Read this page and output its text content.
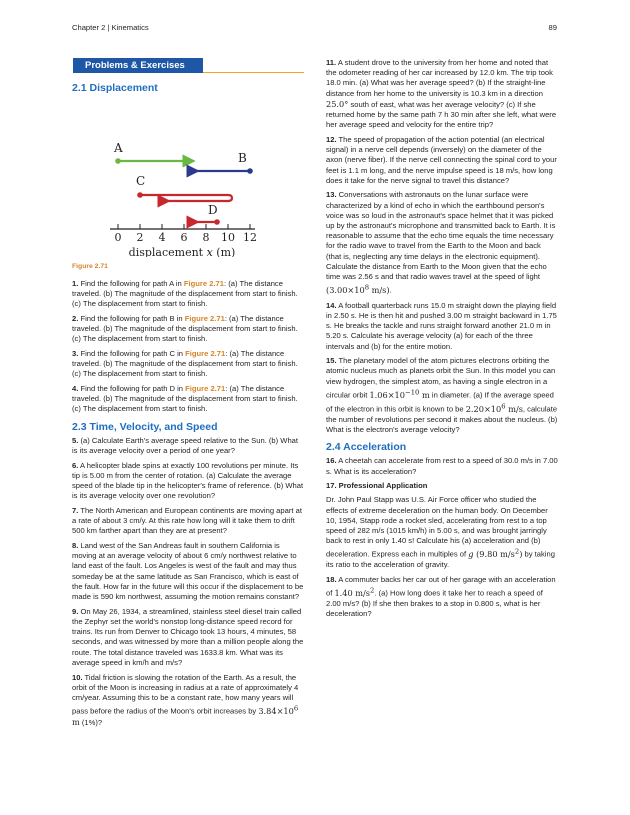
Chapter 2 | Kinematics	89
Problems & Exercises
2.1 Displacement
A
B
C
D
0 2 4 6 8 10 12
displacement x (m)
Figure 2.71

1. Find the following for path A in Figure 2.71: (a) The distance traveled. (b) The magnitude of the displacement from start to finish. (c) The displacement from start to finish.

2. Find the following for path B in Figure 2.71: (a) The distance traveled. (b) The magnitude of the displacement from start to finish. (c) The displacement from start to finish.

3. Find the following for path C in Figure 2.71: (a) The distance traveled. (b) The magnitude of the displacement from start to finish. (c) The displacement from start to finish.

4. Find the following for path D in Figure 2.71: (a) The distance traveled. (b) The magnitude of the displacement from start to finish. (c) The displacement from start to finish.

2.3 Time, Velocity, and Speed

5. (a) Calculate Earth's average speed relative to the Sun. (b) What is its average velocity over a period of one year?

6. A helicopter blade spins at exactly 100 revolutions per minute. Its tip is 5.00 m from the center of rotation. (a) Calculate the average speed of the blade tip in the helicopter's frame of reference. (b) What is its average velocity over one revolution?

7. The North American and European continents are moving apart at a rate of about 3 cm/y. At this rate how long will it take them to drift 500 km farther apart than they are at present?

8. Land west of the San Andreas fault in southern California is moving at an average velocity of about 6 cm/y northwest relative to land east of the fault. Los Angeles is west of the fault and may thus someday be at the same latitude as San Francisco, which is east of the fault. How far in the future will this occur if the displacement to be made is 590 km northwest, assuming the motion remains constant?

9. On May 26, 1934, a streamlined, stainless steel diesel train called the Zephyr set the world's nonstop long-distance speed record for trains. Its run from Denver to Chicago took 13 hours, 4 minutes, 58 seconds, and was witnessed by more than a million people along the route. The total distance traveled was 1633.8 km. What was its average speed in km/h and m/s?

10. Tidal friction is slowing the rotation of the Earth. As a result, the orbit of the Moon is increasing in radius at a rate of approximately 4 cm/year. Assuming this to be a constant rate, how many years will pass before the radius of the Moon's orbit increases by $3.84\times 10^6$ m (1%)?

11. A student drove to the university from her home and noted that the odometer reading of her car increased by 12.0 km. The trip took 18.0 min. (a) What was her average speed? (b) If the straight-line distance from her home to the university is 10.3 km in a direction 25.0° south of east, what was her average velocity? (c) If she returned home by the same path 7 h 30 min after she left, what were her average speed and velocity for the entire trip?

12. The speed of propagation of the action potential (an electrical signal) in a nerve cell depends (inversely) on the diameter of the axon (nerve fiber). If the nerve cell connecting the spinal cord to your feet is 1.1 m long, and the nerve impulse speed is 18 m/s, how long does it take for the nerve signal to travel this distance?

13. Conversations with astronauts on the lunar surface were characterized by a kind of echo in which the earthbound person's voice was so loud in the astronaut's space helmet that it was picked up by the astronaut's microphone and transmitted back to Earth. It is reasonable to assume that the echo time equals the time necessary for the radio wave to travel from the Earth to the Moon and back (that is, neglecting any time delays in the electronic equipment). Calculate the distance from Earth to the Moon given that the echo time was 2.56 s and that radio waves travel at the speed of light ($3.00\times 10^8$ m/s).

14. A football quarterback runs 15.0 m straight down the playing field in 2.50 s. He is then hit and pushed 3.00 m straight backward in 1.75 s. He breaks the tackle and runs straight forward another 21.0 m in 5.20 s. Calculate his average velocity (a) for each of the three intervals and (b) for the entire motion.

15. The planetary model of the atom pictures electrons orbiting the atomic nucleus much as planets orbit the Sun. In this model you can view hydrogen, the simplest atom, as having a single electron in a circular orbit $1.06\times 10^{-10}$ m in diameter. (a) If the average speed of the electron in this orbit is known to be $2.20\times 10^6$ m/s, calculate the number of revolutions per second it makes about the nucleus. (b) What is the electron's average velocity?

2.4 Acceleration

16. A cheetah can accelerate from rest to a speed of 30.0 m/s in 7.00 s. What is its acceleration?

17. Professional Application

Dr. John Paul Stapp was U.S. Air Force officer who studied the effects of extreme deceleration on the human body. On December 10, 1954, Stapp rode a rocket sled, accelerating from rest to a top speed of 282 m/s (1015 km/h) in 5.00 s, and was brought jarringly back to rest in only 1.40 s! Calculate his (a) acceleration and (b) deceleration. Express each in multiples of g (9.80 $m/s^2$) by taking its ratio to the acceleration of gravity.

18. A commuter backs her car out of her garage with an acceleration of 1.40 $m/s^2$. (a) How long does it take her to reach a speed of 2.00 m/s? (b) If she then brakes to a stop in 0.800 s, what is her deceleration?
